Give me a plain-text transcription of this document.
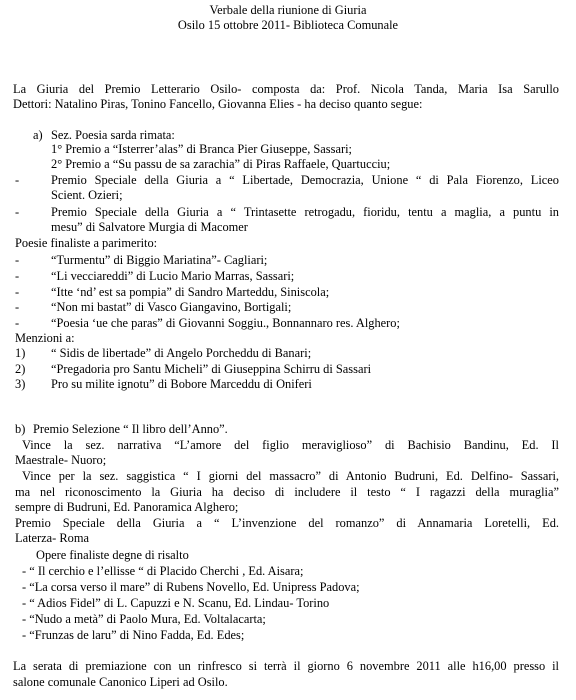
Verbale della riunione di Giuria
Osilo 15 ottobre 2011- Biblioteca Comunale
La Giuria del Premio Letterario Osilo- composta da: Prof. Nicola Tanda, Maria Isa Sarullo
Dettori: Natalino Piras, Tonino Fancello, Giovanna Elies - ha deciso quanto segue:
a) Sez. Poesia sarda rimata:
1° Premio a “Isterrer’alas” di Branca Pier Giuseppe, Sassari;
2° Premio a “Su passu de sa zarachia” di Piras Raffaele, Quartucciu;
-	Premio Speciale della Giuria a “ Libertade, Democrazia, Unione “ di Pala Fiorenzo, Liceo
Scient. Ozieri;
-	Premio Speciale della Giuria a “ Trintasette retrogadu, fioridu, tentu a maglia, a puntu in
mesu” di Salvatore Murgia di Macomer
Poesie finaliste a parimerito:
-	“Turmentu” di Biggio Mariatina”- Cagliari;
-	“Li vecciareddi” di Lucio Mario Marras, Sassari;
-	“Itte ‘nd’ est sa pompia” di Sandro Marteddu, Siniscola;
-	“Non mi bastat” di Vasco Giangavino, Bortigali;
-	“Poesia ‘ue che paras” di Giovanni Soggiu., Bonnannaro res. Alghero;
Menzioni a:
1) “ Sidis de libertade” di Angelo Porcheddu di Banari;
2) “Pregadoria pro Santu Micheli” di Giuseppina Schirru di Sassari
3) Pro su milite ignotu” di Bobore Marceddu di Oniferi
b) Premio Selezione “ Il libro dell’Anno”.
Vince la sez. narrativa “L’amore del figlio meraviglioso” di Bachisio Bandinu, Ed. Il
Maestrale- Nuoro;
Vince per la sez. saggistica “ I giorni del massacro” di Antonio Budruni, Ed. Delfino- Sassari,
ma nel riconoscimento la Giuria ha deciso di includere il testo “ I ragazzi della muraglia”
sempre di Budruni, Ed. Panoramica Alghero;
Premio Speciale della Giuria a “ L’invenzione del romanzo” di Annamaria Loretelli, Ed.
Laterza- Roma
Opere finaliste degne di risalto
- “ Il cerchio e l’ellisse “ di Placido Cherchi , Ed. Aisara;
- “La corsa verso il mare” di Rubens Novello, Ed. Unipress Padova;
- “ Adios Fidel” di L. Capuzzi e N. Scanu, Ed. Lindau- Torino
- “Nudo a metà” di Paolo Mura, Ed. Voltalacarta;
- “Frunzas de laru” di Nino Fadda, Ed. Edes;
La serata di premiazione con un rinfresco si terrà il giorno 6 novembre 2011 alle h16,00 presso il
salone comunale Canonico Liperi ad Osilo.
